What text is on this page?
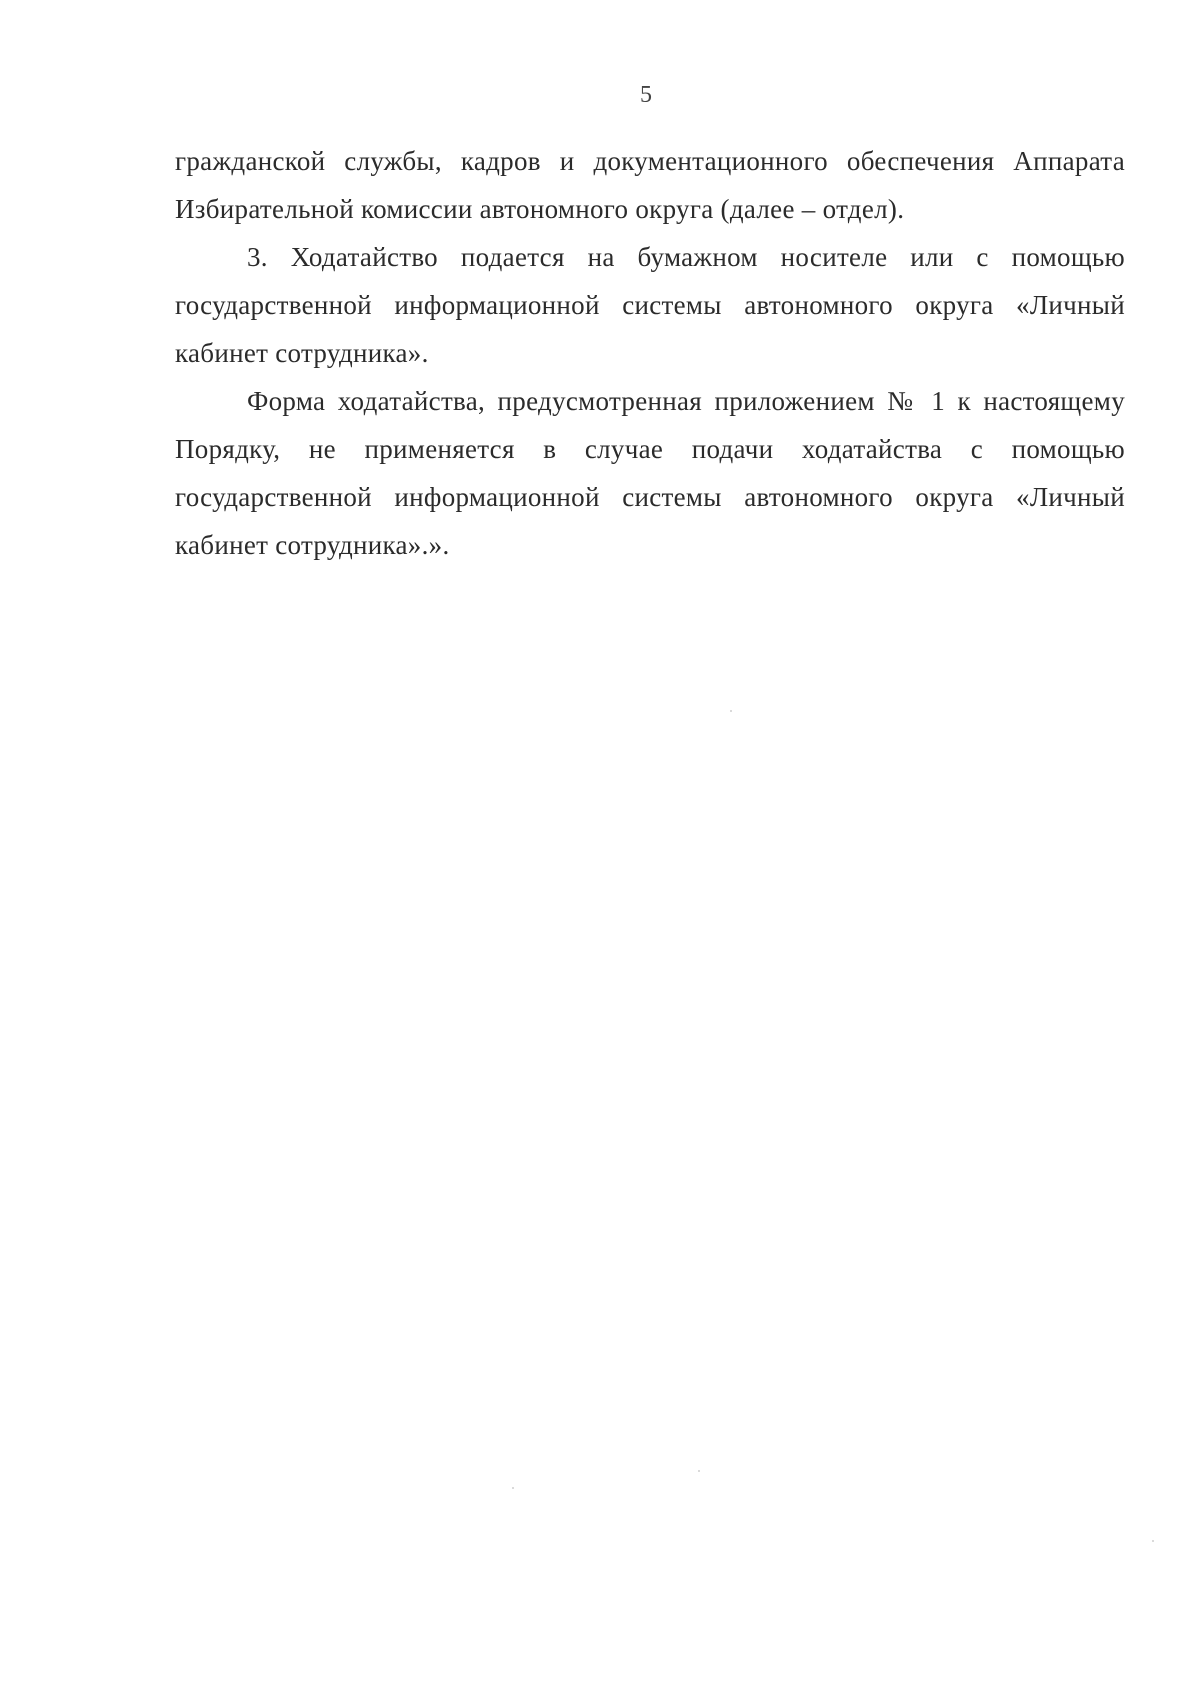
5

гражданской службы, кадров и документационного обеспечения Аппарата Избирательной комиссии автономного округа (далее – отдел).

3. Ходатайство подается на бумажном носителе или с помощью государственной информационной системы автономного округа «Личный кабинет сотрудника».

Форма ходатайства, предусмотренная приложением № 1 к настоящему Порядку, не применяется в случае подачи ходатайства с помощью государственной информационной системы автономного округа «Личный кабинет сотрудника».».
